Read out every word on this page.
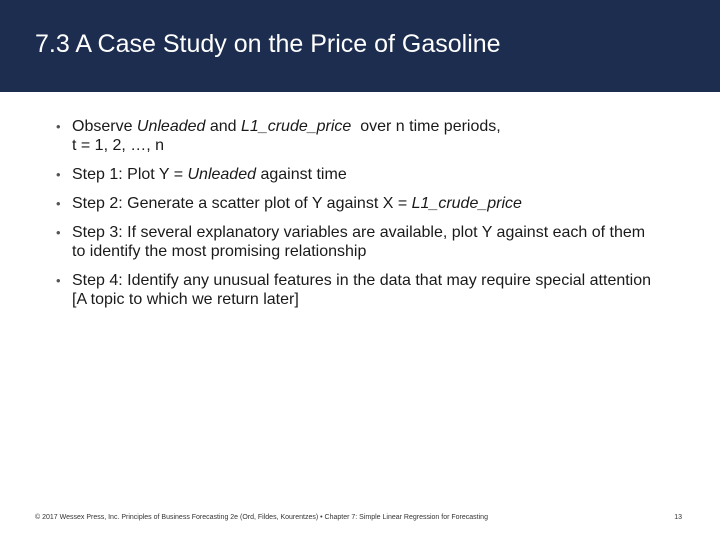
7.3 A Case Study on the Price of Gasoline
• Observe Unleaded and L1_crude_price  over n time periods,
t = 1, 2, …, n
• Step 1: Plot Y = Unleaded against time
• Step 2: Generate a scatter plot of Y against X = L1_crude_price
• Step 3: If several explanatory variables are available, plot Y against each of them to identify the most promising relationship
• Step 4: Identify any unusual features in the data that may require special attention [A topic to which we return later]
© 2017 Wessex Press, Inc. Principles of Business Forecasting 2e (Ord, Fildes, Kourentzes) • Chapter 7: Simple Linear Regression for Forecasting	13
